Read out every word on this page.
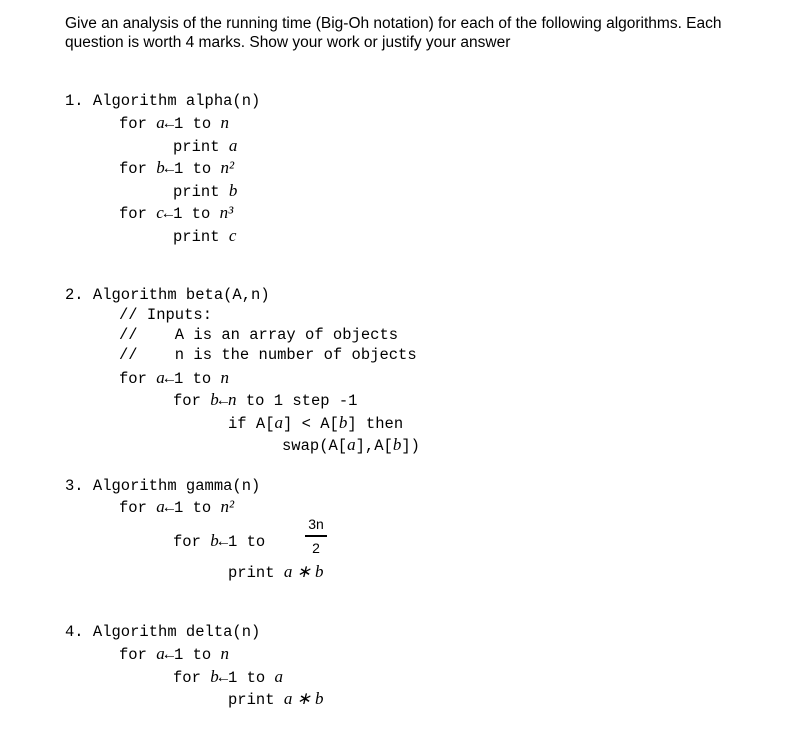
Give an analysis of the running time (Big-Oh notation) for each of the following algorithms. Each question is worth 4 marks. Show your work or justify your answer
1. Algorithm alpha(n)
for a←1 to n
print a
for b←1 to n²
print b
for c←1 to n³
print c
2. Algorithm beta(A,n)
// Inputs:
//    A is an array of objects
//    n is the number of objects
for a←1 to n
for b←n to 1 step -1
if A[a] < A[b] then
swap(A[a],A[b])
3. Algorithm gamma(n)
for a←1 to n²
for b←1 to
3n
2
print a ∗ b
4. Algorithm delta(n)
for a←1 to n
for b←1 to a
print a ∗ b
